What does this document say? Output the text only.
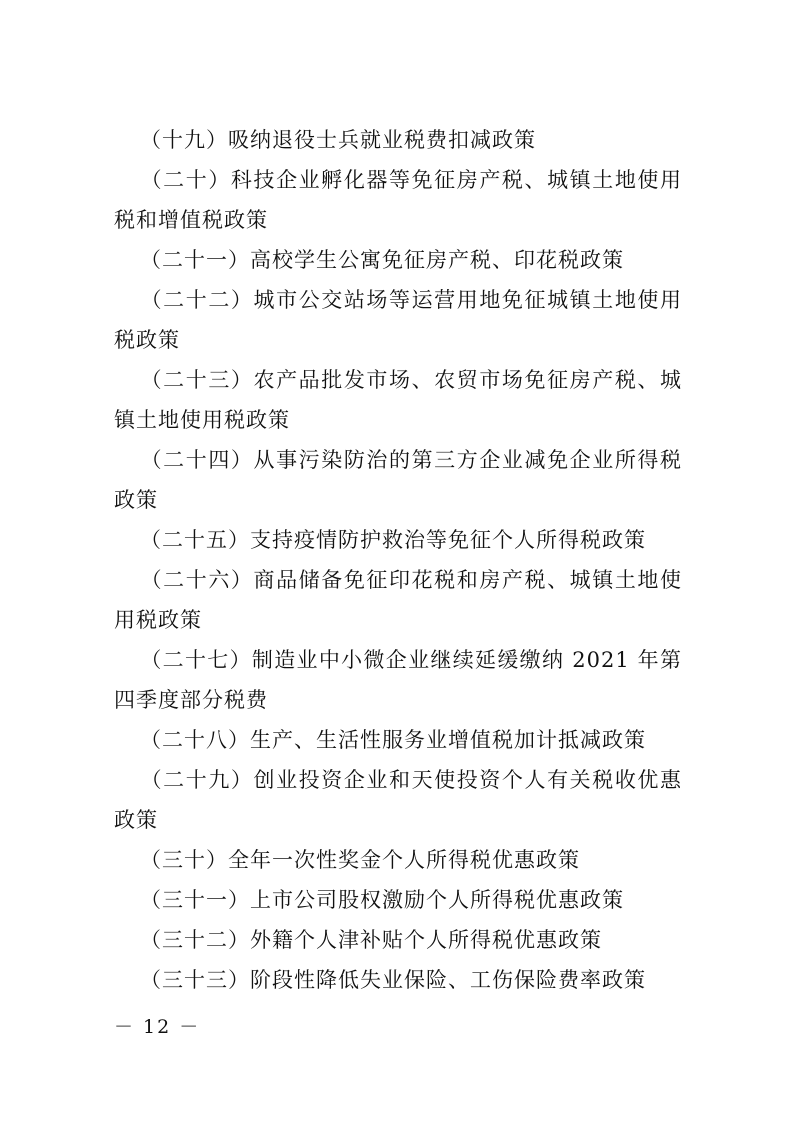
（十九）吸纳退役士兵就业税费扣减政策

（二十）科技企业孵化器等免征房产税、城镇土地使用税和增值税政策

（二十一）高校学生公寓免征房产税、印花税政策

（二十二）城市公交站场等运营用地免征城镇土地使用税政策

（二十三）农产品批发市场、农贸市场免征房产税、城镇土地使用税政策

（二十四）从事污染防治的第三方企业减免企业所得税政策

（二十五）支持疫情防护救治等免征个人所得税政策

（二十六）商品储备免征印花税和房产税、城镇土地使用税政策

（二十七）制造业中小微企业继续延缓缴纳 2021 年第四季度部分税费

（二十八）生产、生活性服务业增值税加计抵减政策

（二十九）创业投资企业和天使投资个人有关税收优惠政策

（三十）全年一次性奖金个人所得税优惠政策

（三十一）上市公司股权激励个人所得税优惠政策

（三十二）外籍个人津补贴个人所得税优惠政策

（三十三）阶段性降低失业保险、工伤保险费率政策

－ 12 －
